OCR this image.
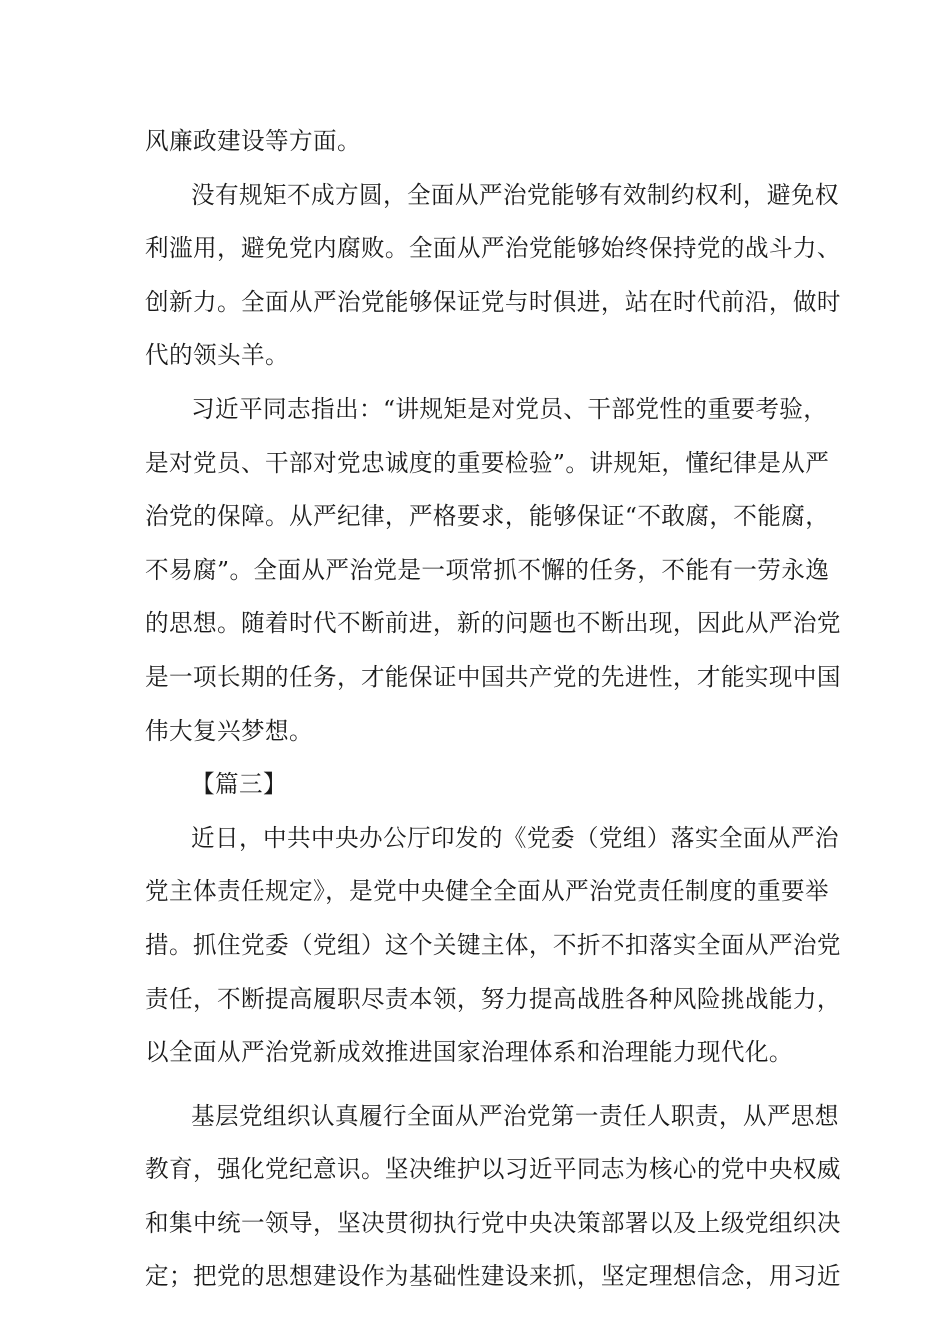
风廉政建设等方面。
没有规矩不成方圆，全面从严治党能够有效制约权利，避免权
利滥用，避免党内腐败。全面从严治党能够始终保持党的战斗力、
创新力。全面从严治党能够保证党与时俱进，站在时代前沿，做时
代的领头羊。
习近平同志指出：“讲规矩是对党员、干部党性的重要考验，
是对党员、干部对党忠诚度的重要检验”。讲规矩，懂纪律是从严
治党的保障。从严纪律，严格要求，能够保证“不敢腐，不能腐，
不易腐”。全面从严治党是一项常抓不懈的任务，不能有一劳永逸
的思想。随着时代不断前进，新的问题也不断出现，因此从严治党
是一项长期的任务，才能保证中国共产党的先进性，才能实现中国
伟大复兴梦想。
【篇三】
近日，中共中央办公厅印发的《党委（党组）落实全面从严治
党主体责任规定》，是党中央健全全面从严治党责任制度的重要举
措。抓住党委（党组）这个关键主体，不折不扣落实全面从严治党
责任，不断提高履职尽责本领，努力提高战胜各种风险挑战能力，
以全面从严治党新成效推进国家治理体系和治理能力现代化。
基层党组织认真履行全面从严治党第一责任人职责，从严思想
教育，强化党纪意识。坚决维护以习近平同志为核心的党中央权威
和集中统一领导，坚决贯彻执行党中央决策部署以及上级党组织决
定；把党的思想建设作为基础性建设来抓，坚定理想信念，用习近
